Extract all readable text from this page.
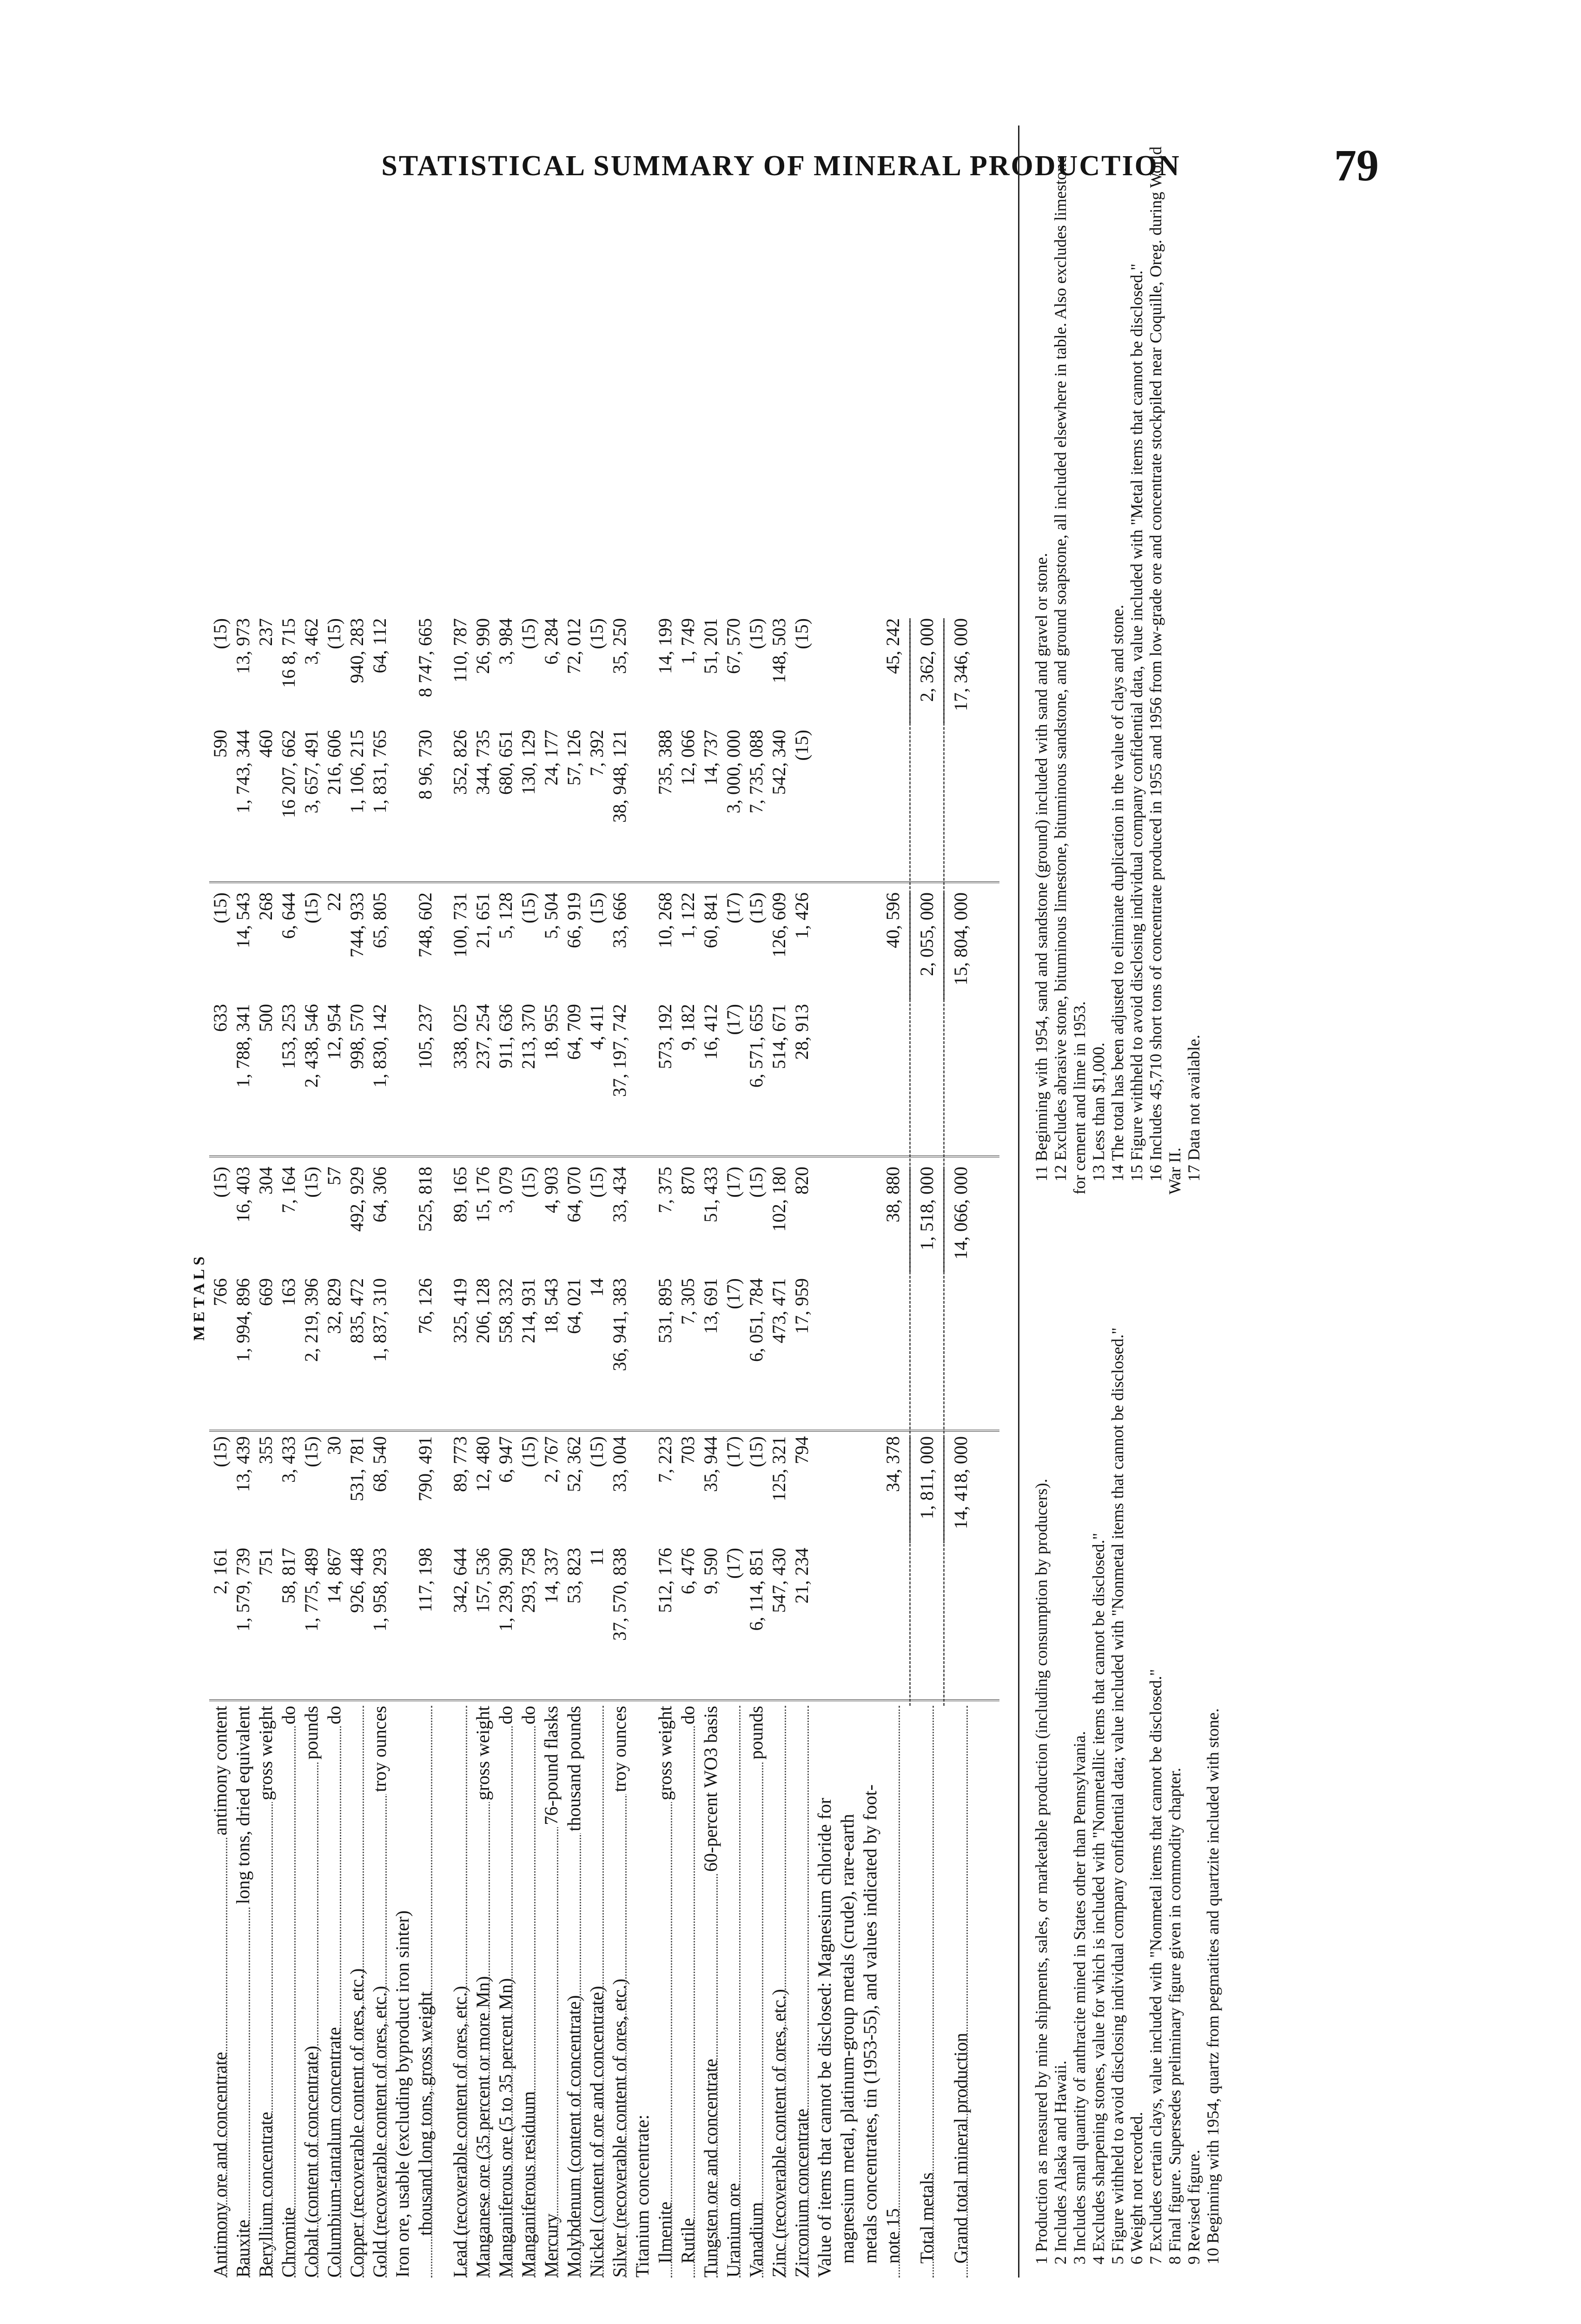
STATISTICAL SUMMARY OF MINERAL PRODUCTION	79
METALS
Antimony ore and concentrate
antimony content
2, 161
(15)
766
(15)
633
(15)
590
(15)
Bauxite
long tons, dried equivalent
1, 579, 739
13, 439
1, 994, 896
16, 403
1, 788, 341
14, 543
1, 743, 344
13, 973
Beryllium concentrate
gross weight
751
355
669
304
500
268
460
237
Chromite
do
58, 817
3, 433
163
7, 164
153, 253
6, 644
16 207, 662
16 8, 715
Cobalt (content of concentrate)
pounds
1, 775, 489
(15)
2, 219, 396
(15)
2, 438, 546
(15)
3, 657, 491
3, 462
Columbium-tantalum concentrate
do
14, 867
30
32, 829
57
12, 954
22
216, 606
(15)
Copper (recoverable content of ores, etc.)
926, 448
531, 781
835, 472
492, 929
998, 570
744, 933
1, 106, 215
940, 283
Gold (recoverable content of ores, etc.)
troy ounces
1, 958, 293
68, 540
1, 837, 310
64, 306
1, 830, 142
65, 805
1, 831, 765
64, 112
Iron ore, usable (excluding byproduct iron sinter) thousand long tons, gross weight
117, 198
790, 491
76, 126
525, 818
105, 237
748, 602
8 96, 730
8 747, 665
Lead (recoverable content of ores, etc.)
342, 644
89, 773
325, 419
89, 165
338, 025
100, 731
352, 826
110, 787
Manganese ore (35 percent or more Mn)
gross weight
157, 536
12, 480
206, 128
15, 176
237, 254
21, 651
344, 735
26, 990
Manganiferous ore (5 to 35 percent Mn)
do
1, 239, 390
6, 947
558, 332
3, 079
911, 636
5, 128
680, 651
3, 984
Manganiferous residuum
do
293, 758
(15)
214, 931
(15)
213, 370
(15)
130, 129
(15)
Mercury
76-pound flasks
14, 337
2, 767
18, 543
4, 903
18, 955
5, 504
24, 177
6, 284
Molybdenum (content of concentrate)
thousand pounds
53, 823
52, 362
64, 021
64, 070
64, 709
66, 919
57, 126
72, 012
Nickel (content of ore and concentrate)
11
(15)
14
(15)
4, 411
(15)
7, 392
(15)
Silver (recoverable content of ores, etc.)
troy ounces
37, 570, 838
33, 004
36, 941, 383
33, 434
37, 197, 742
33, 666
38, 948, 121
35, 250
Titanium concentrate: Ilmenite
gross weight
512, 176
7, 223
531, 895
7, 375
573, 192
10, 268
735, 388
14, 199
Rutile
do
6, 476
703
7, 305
870
9, 182
1, 122
12, 066
1, 749
Tungsten ore and concentrate
60-percent WO3 basis
9, 590
35, 944
13, 691
51, 433
16, 412
60, 841
14, 737
51, 201
Uranium ore
(17)
(17)
(17)
(17)
(17)
(17)
3, 000, 000
67, 570
Vanadium
pounds
6, 114, 851
(15)
6, 051, 784
(15)
6, 571, 655
(15)
7, 735, 088
(15)
Zinc (recoverable content of ores, etc.)
547, 430
125, 321
473, 471
102, 180
514, 671
126, 609
542, 340
148, 503
Zirconium concentrate
21, 234
794
17, 959
820
28, 913
1, 426
(15)
(15)
Value of items that cannot be disclosed: Magnesium chloride for magnesium metal, platinum-group metals (crude), rare-earth metals concentrates, tin (1953-55), and values indicated by foot- note 15
34, 378
38, 880
40, 596
45, 242
Total metals
1, 811, 000
1, 518, 000
2, 055, 000
2, 362, 000
Grand total mineral production
14, 418, 000
14, 066, 000
15, 804, 000
17, 346, 000

1 Production as measured by mine shipments, sales, or marketable production (including consumption by producers). 2 Includes Alaska and Hawaii. 3 Includes small quantity of anthracite mined in States other than Pennsylvania. 4 Excludes sharpening stones, value for which is included with "Nonmetallic items that cannot be disclosed." 5 Figure withheld to avoid disclosing individual company confidential data; value included with "Nonmetal items that cannot be disclosed." 6 Weight not recorded. 7 Excludes certain clays, value included with "Nonmetal items that cannot be disclosed." 8 Final figure. Supersedes preliminary figure given in commodity chapter. 9 Revised figure. 10 Beginning with 1954, quartz from pegmatites and quartzite included with stone.

11 Beginning with 1954, sand and sandstone (ground) included with sand and gravel or stone. 12 Excludes abrasive stone, bituminous limestone, bituminous sandstone, and ground soapstone, all included elsewhere in table. Also excludes limestone for cement and lime in 1953. 13 Less than $1,000. 14 The total has been adjusted to eliminate duplication in the value of clays and stone. 15 Figure withheld to avoid disclosing individual company confidential data, value included with "Metal items that cannot be disclosed." 16 Includes 45,710 short tons of concentrate produced in 1955 and 1956 from low-grade ore and concentrate stockpiled near Coquille, Oreg. during World War II. 17 Data not available.
